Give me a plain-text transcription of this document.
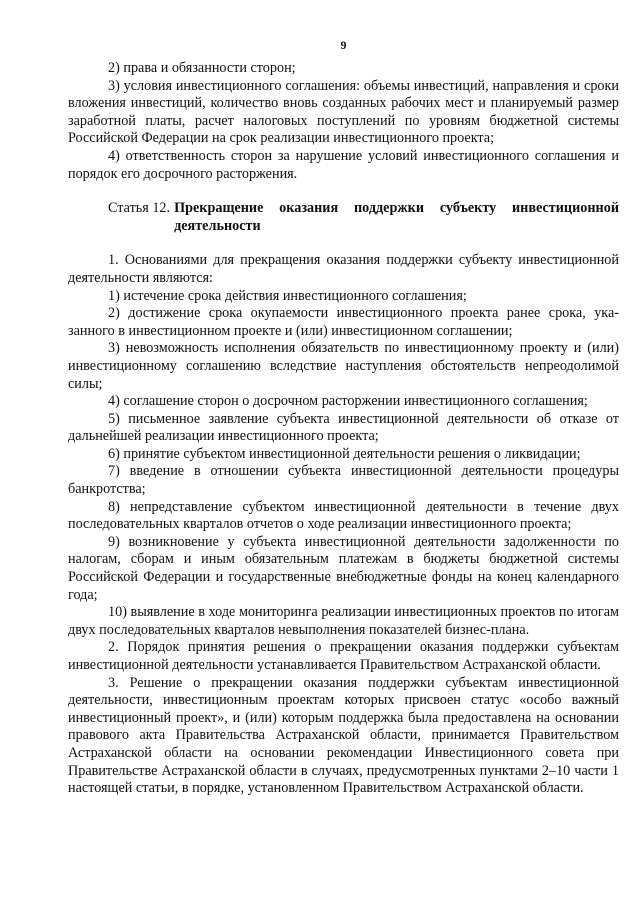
9

2) права и обязанности сторон;

3) условия инвестиционного соглашения: объемы инвестиций, направления и сроки вложения инвестиций, количество вновь созданных рабочих мест и планируемый размер заработной платы, расчет налоговых поступлений по уровням бюджетной системы Российской Федерации на срок реализации инвестиционного проекта;

4) ответственность сторон за нарушение условий инвестиционного соглашения и порядок его досрочного расторжения.

Статья 12. Прекращение оказания поддержки субъекту инвестиционной деятельности

1. Основаниями для прекращения оказания поддержки субъекту инвестиционной деятельности являются:

1) истечение срока действия инвестиционного соглашения;

2) достижение срока окупаемости инвестиционного проекта ранее срока, указанного в инвестиционном проекте и (или) инвестиционном соглашении;

3) невозможность исполнения обязательств по инвестиционному проекту и (или) инвестиционному соглашению вследствие наступления обстоятельств непреодолимой силы;

4) соглашение сторон о досрочном расторжении инвестиционного соглашения;

5) письменное заявление субъекта инвестиционной деятельности об отказе от дальнейшей реализации инвестиционного проекта;

6) принятие субъектом инвестиционной деятельности решения о ликвидации;

7) введение в отношении субъекта инвестиционной деятельности процедуры банкротства;

8) непредставление субъектом инвестиционной деятельности в течение двух последовательных кварталов отчетов о ходе реализации инвестиционного проекта;

9) возникновение у субъекта инвестиционной деятельности задолженности по налогам, сборам и иным обязательным платежам в бюджеты бюджетной системы Российской Федерации и государственные внебюджетные фонды на конец календарного года;

10) выявление в ходе мониторинга реализации инвестиционных проектов по итогам двух последовательных кварталов невыполнения показателей бизнес-плана.

2. Порядок принятия решения о прекращении оказания поддержки субъектам инвестиционной деятельности устанавливается Правительством Астраханской области.

3. Решение о прекращении оказания поддержки субъектам инвестиционной деятельности, инвестиционным проектам которых присвоен статус «особо важный инвестиционный проект», и (или) которым поддержка была предоставлена на основании правового акта Правительства Астраханской области, принимается Правительством Астраханской области на основании рекомендации Инвестиционного совета при Правительстве Астраханской области в случаях, предусмотренных пунктами 2–10 части 1 настоящей статьи, в порядке, установленном Правительством Астраханской области.
